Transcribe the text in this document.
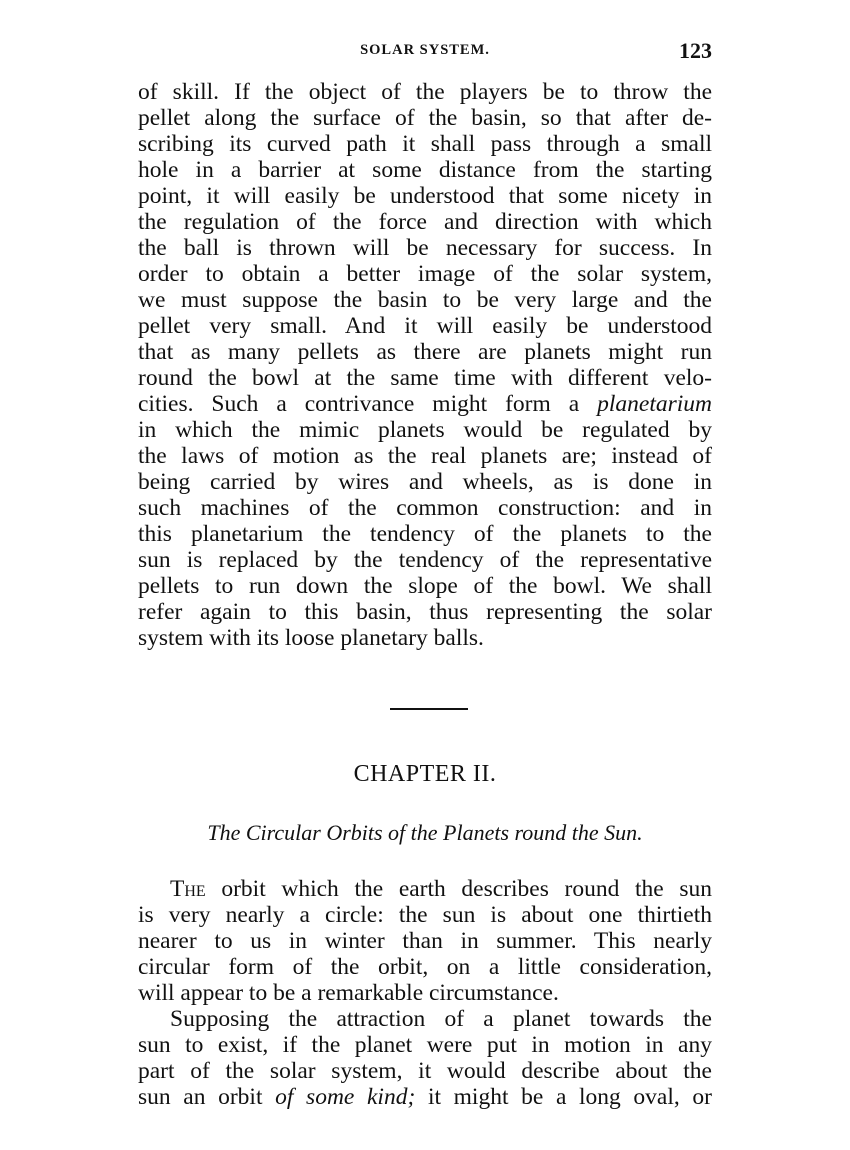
SOLAR SYSTEM.	123
of skill. If the object of the players be to throw the
pellet along the surface of the basin, so that after de-
scribing its curved path it shall pass through a small
hole in a barrier at some distance from the starting
point, it will easily be understood that some nicety in
the regulation of the force and direction with which
the ball is thrown will be necessary for success. In
order to obtain a better image of the solar system,
we must suppose the basin to be very large and the
pellet very small. And it will easily be understood
that as many pellets as there are planets might run
round the bowl at the same time with different velo-
cities. Such a contrivance might form a planetarium
in which the mimic planets would be regulated by
the laws of motion as the real planets are; instead of
being carried by wires and wheels, as is done in
such machines of the common construction: and in
this planetarium the tendency of the planets to the
sun is replaced by the tendency of the representative
pellets to run down the slope of the bowl. We shall
refer again to this basin, thus representing the solar
system with its loose planetary balls.
CHAPTER II.
The Circular Orbits of the Planets round the Sun.
The orbit which the earth describes round the sun
is very nearly a circle: the sun is about one thirtieth
nearer to us in winter than in summer. This nearly
circular form of the orbit, on a little consideration,
will appear to be a remarkable circumstance.
Supposing the attraction of a planet towards the
sun to exist, if the planet were put in motion in any
part of the solar system, it would describe about the
sun an orbit of some kind; it might be a long oval, or
